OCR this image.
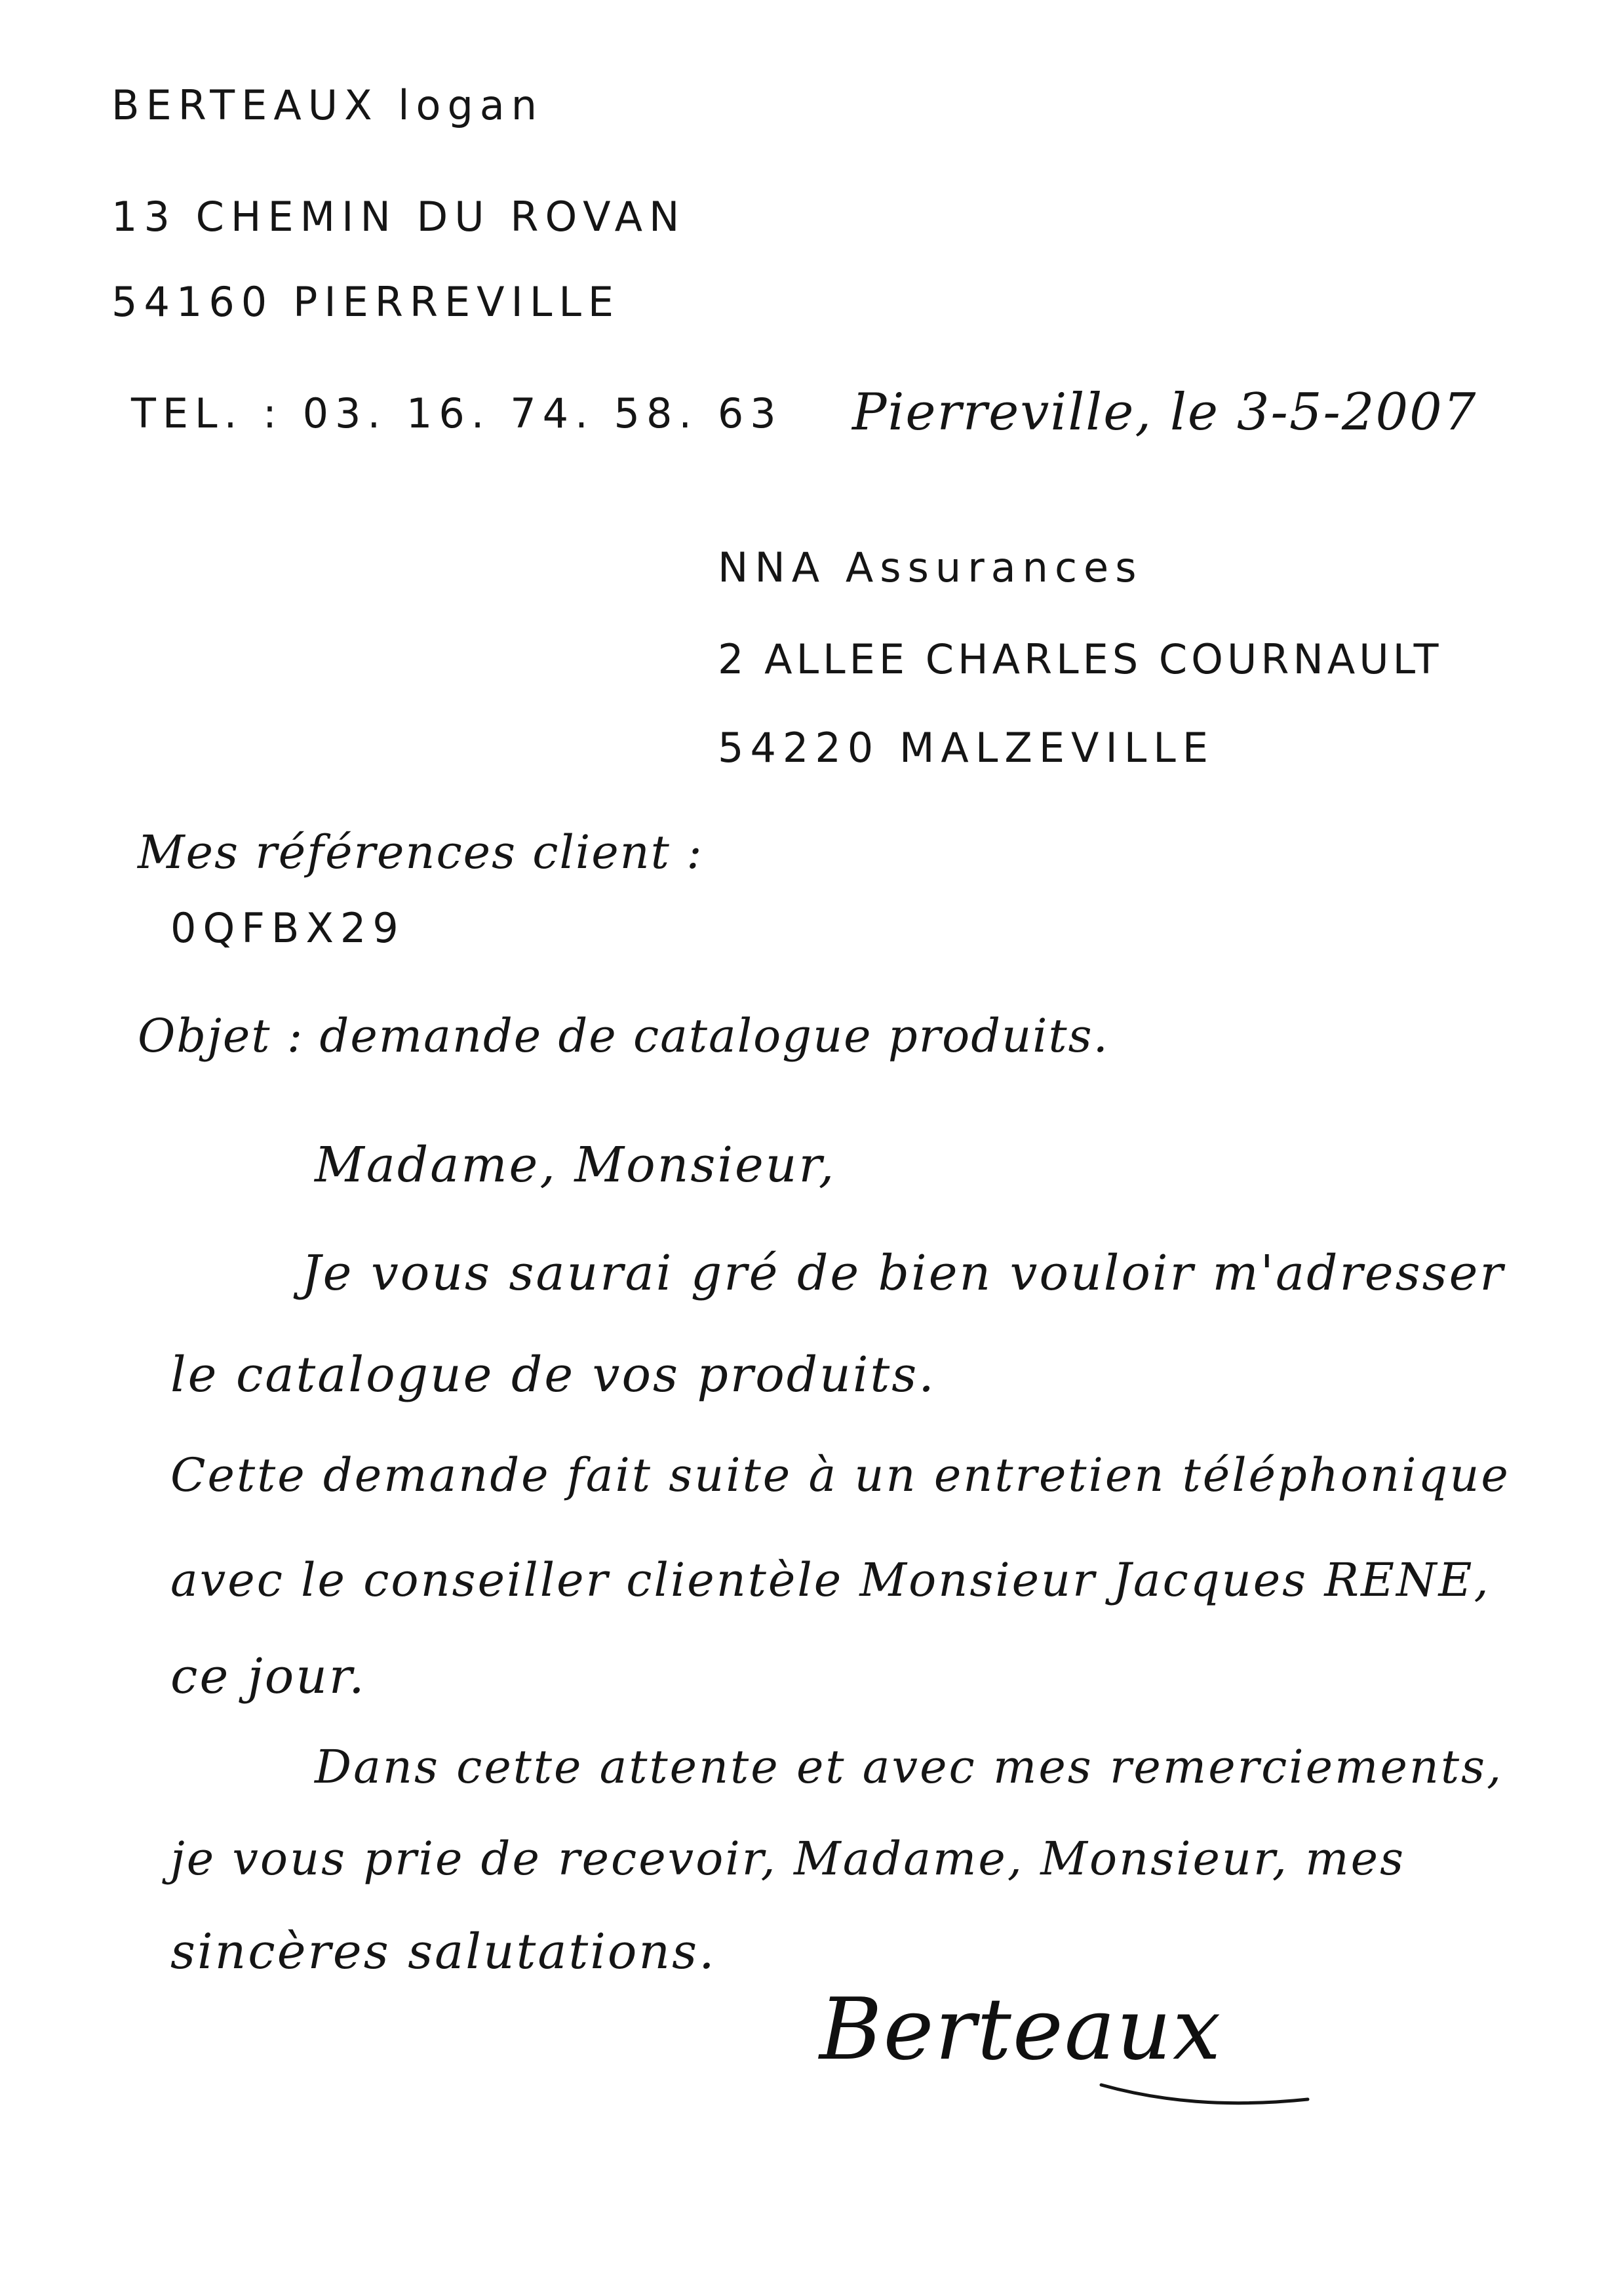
BERTEAUX logan
13 CHEMIN DU ROVAN
54160 PIERREVILLE
TEL. : 03. 16. 74. 58. 63 Pierreville, le 3-5-2007
NNA Assurances
2 ALLEE CHARLES COURNAULT
54220 MALZEVILLE
Mes références client :
0QFBX29
Objet : demande de catalogue produits.
Madame, Monsieur,
Je vous saurai gré de bien vouloir m'adresser
le catalogue de vos produits.
Cette demande fait suite à un entretien téléphonique
avec le conseiller clientèle Monsieur Jacques RENE,
ce jour.
Dans cette attente et avec mes remerciements,
je vous prie de recevoir, Madame, Monsieur, mes
sincères salutations.
Berteaux
